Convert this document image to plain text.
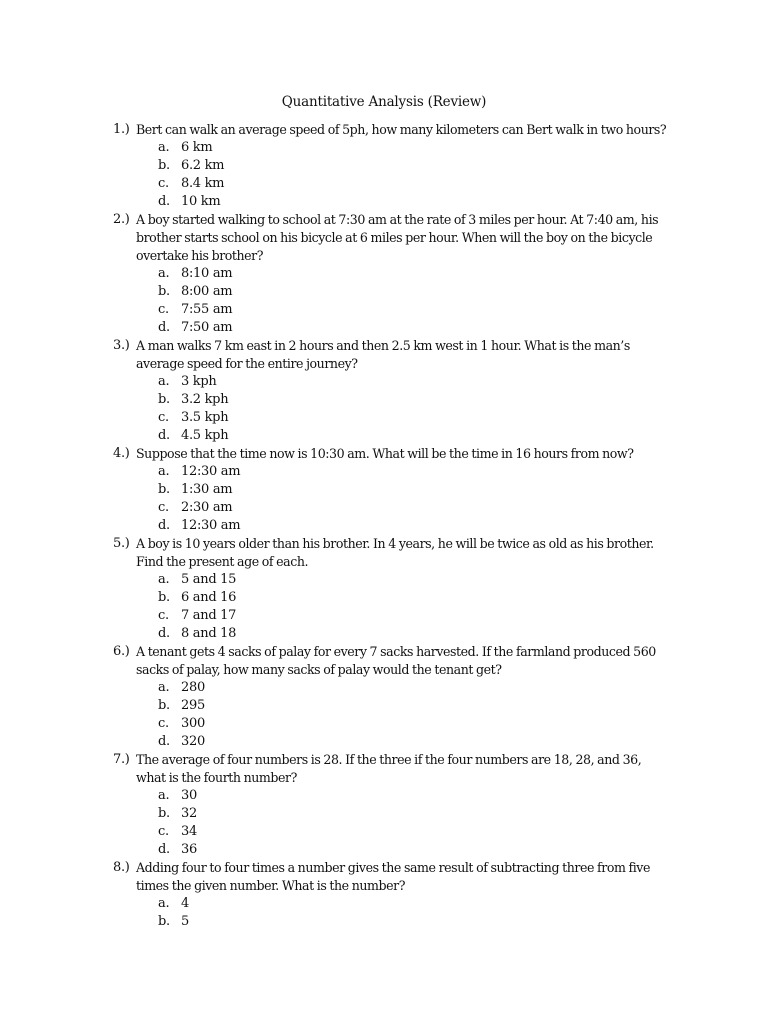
Quantitative Analysis (Review)
1.) Bert can walk an average speed of 5ph, how many kilometers can Bert walk in two hours?
a. 6 km
b. 6.2 km
c. 8.4 km
d. 10 km
2.) A boy started walking to school at 7:30 am at the rate of 3 miles per hour. At 7:40 am, his brother starts school on his bicycle at 6 miles per hour. When will the boy on the bicycle overtake his brother?
a. 8:10 am
b. 8:00 am
c. 7:55 am
d. 7:50 am
3.) A man walks 7 km east in 2 hours and then 2.5 km west in 1 hour. What is the man’s average speed for the entire journey?
a. 3 kph
b. 3.2 kph
c. 3.5 kph
d. 4.5 kph
4.) Suppose that the time now is 10:30 am. What will be the time in 16 hours from now?
a. 12:30 am
b. 1:30 am
c. 2:30 am
d. 12:30 am
5.) A boy is 10 years older than his brother. In 4 years, he will be twice as old as his brother. Find the present age of each.
a. 5 and 15
b. 6 and 16
c. 7 and 17
d. 8 and 18
6.) A tenant gets 4 sacks of palay for every 7 sacks harvested. If the farmland produced 560 sacks of palay, how many sacks of palay would the tenant get?
a. 280
b. 295
c. 300
d. 320
7.) The average of four numbers is 28. If the three if the four numbers are 18, 28, and 36, what is the fourth number?
a. 30
b. 32
c. 34
d. 36
8.) Adding four to four times a number gives the same result of subtracting three from five times the given number. What is the number?
a. 4
b. 5
